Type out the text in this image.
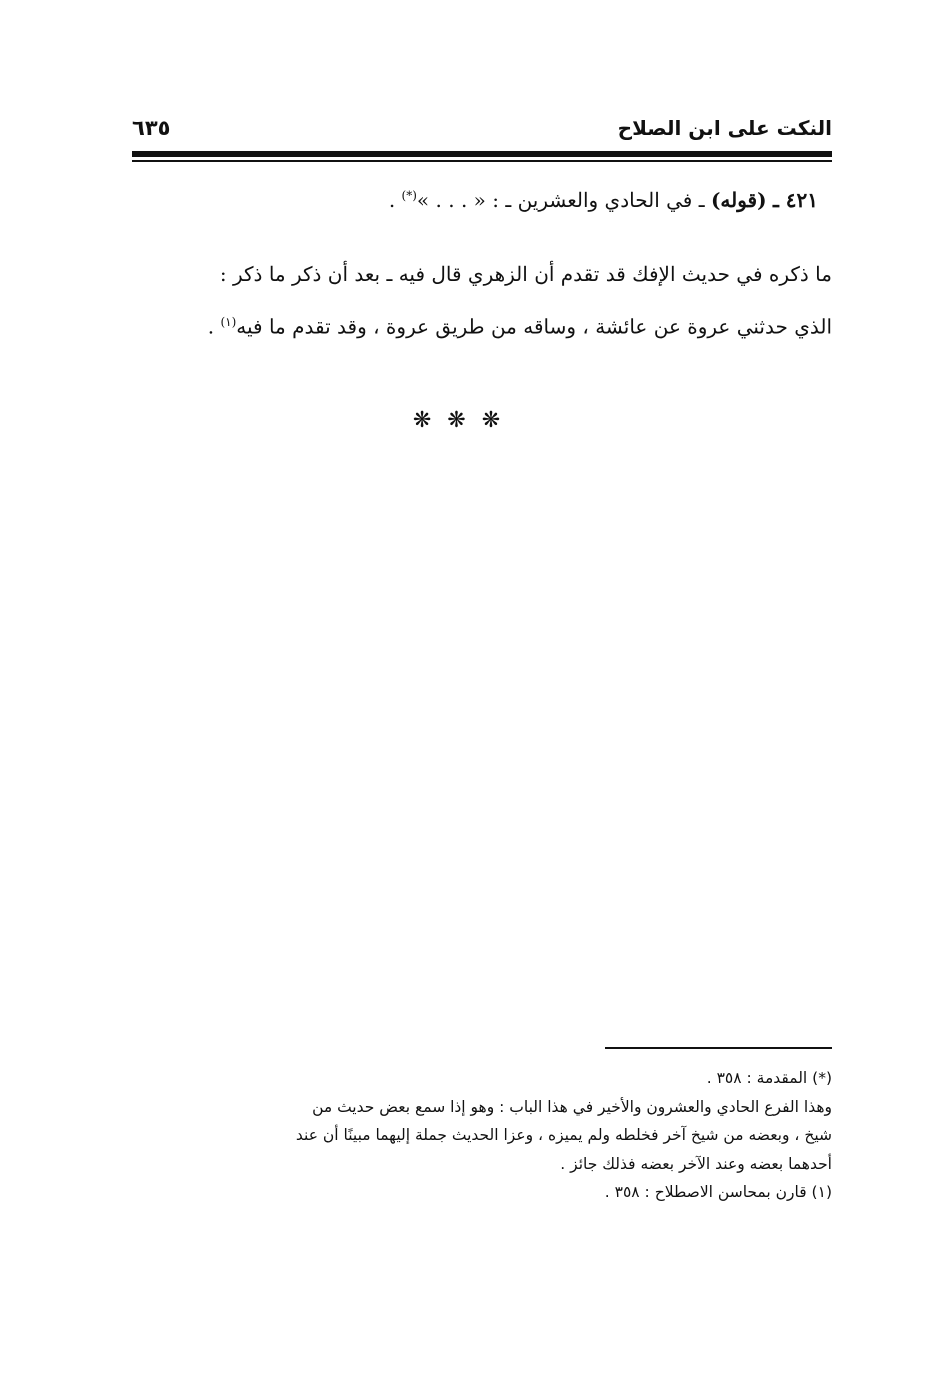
النكت على ابن الصلاح
٦٣٥
٤٢١ ـ (قوله) ـ في الحادي والعشرين ـ : « . . . »(*) .
ما ذكره في حديث الإفك قد تقدم أن الزهري قال فيه ـ بعد أن ذكر ما ذكر :
الذي حدثني عروة عن عائشة ، وساقه من طريق عروة ، وقد تقدم ما فيه$^{(١)}$ .
❋❋❋
(*) المقدمة : ٣٥٨ .
وهذا الفرع الحادي والعشرون والأخير في هذا الباب : وهو إذا سمع بعض حديث من
شيخ ، وبعضه من شيخ آخر فخلطه ولم يميزه ، وعزا الحديث جملة إليهما مبينًا أن عند
أحدهما بعضه وعند الآخر بعضه فذلك جائز .
(١) قارن بمحاسن الاصطلاح : ٣٥٨ .
